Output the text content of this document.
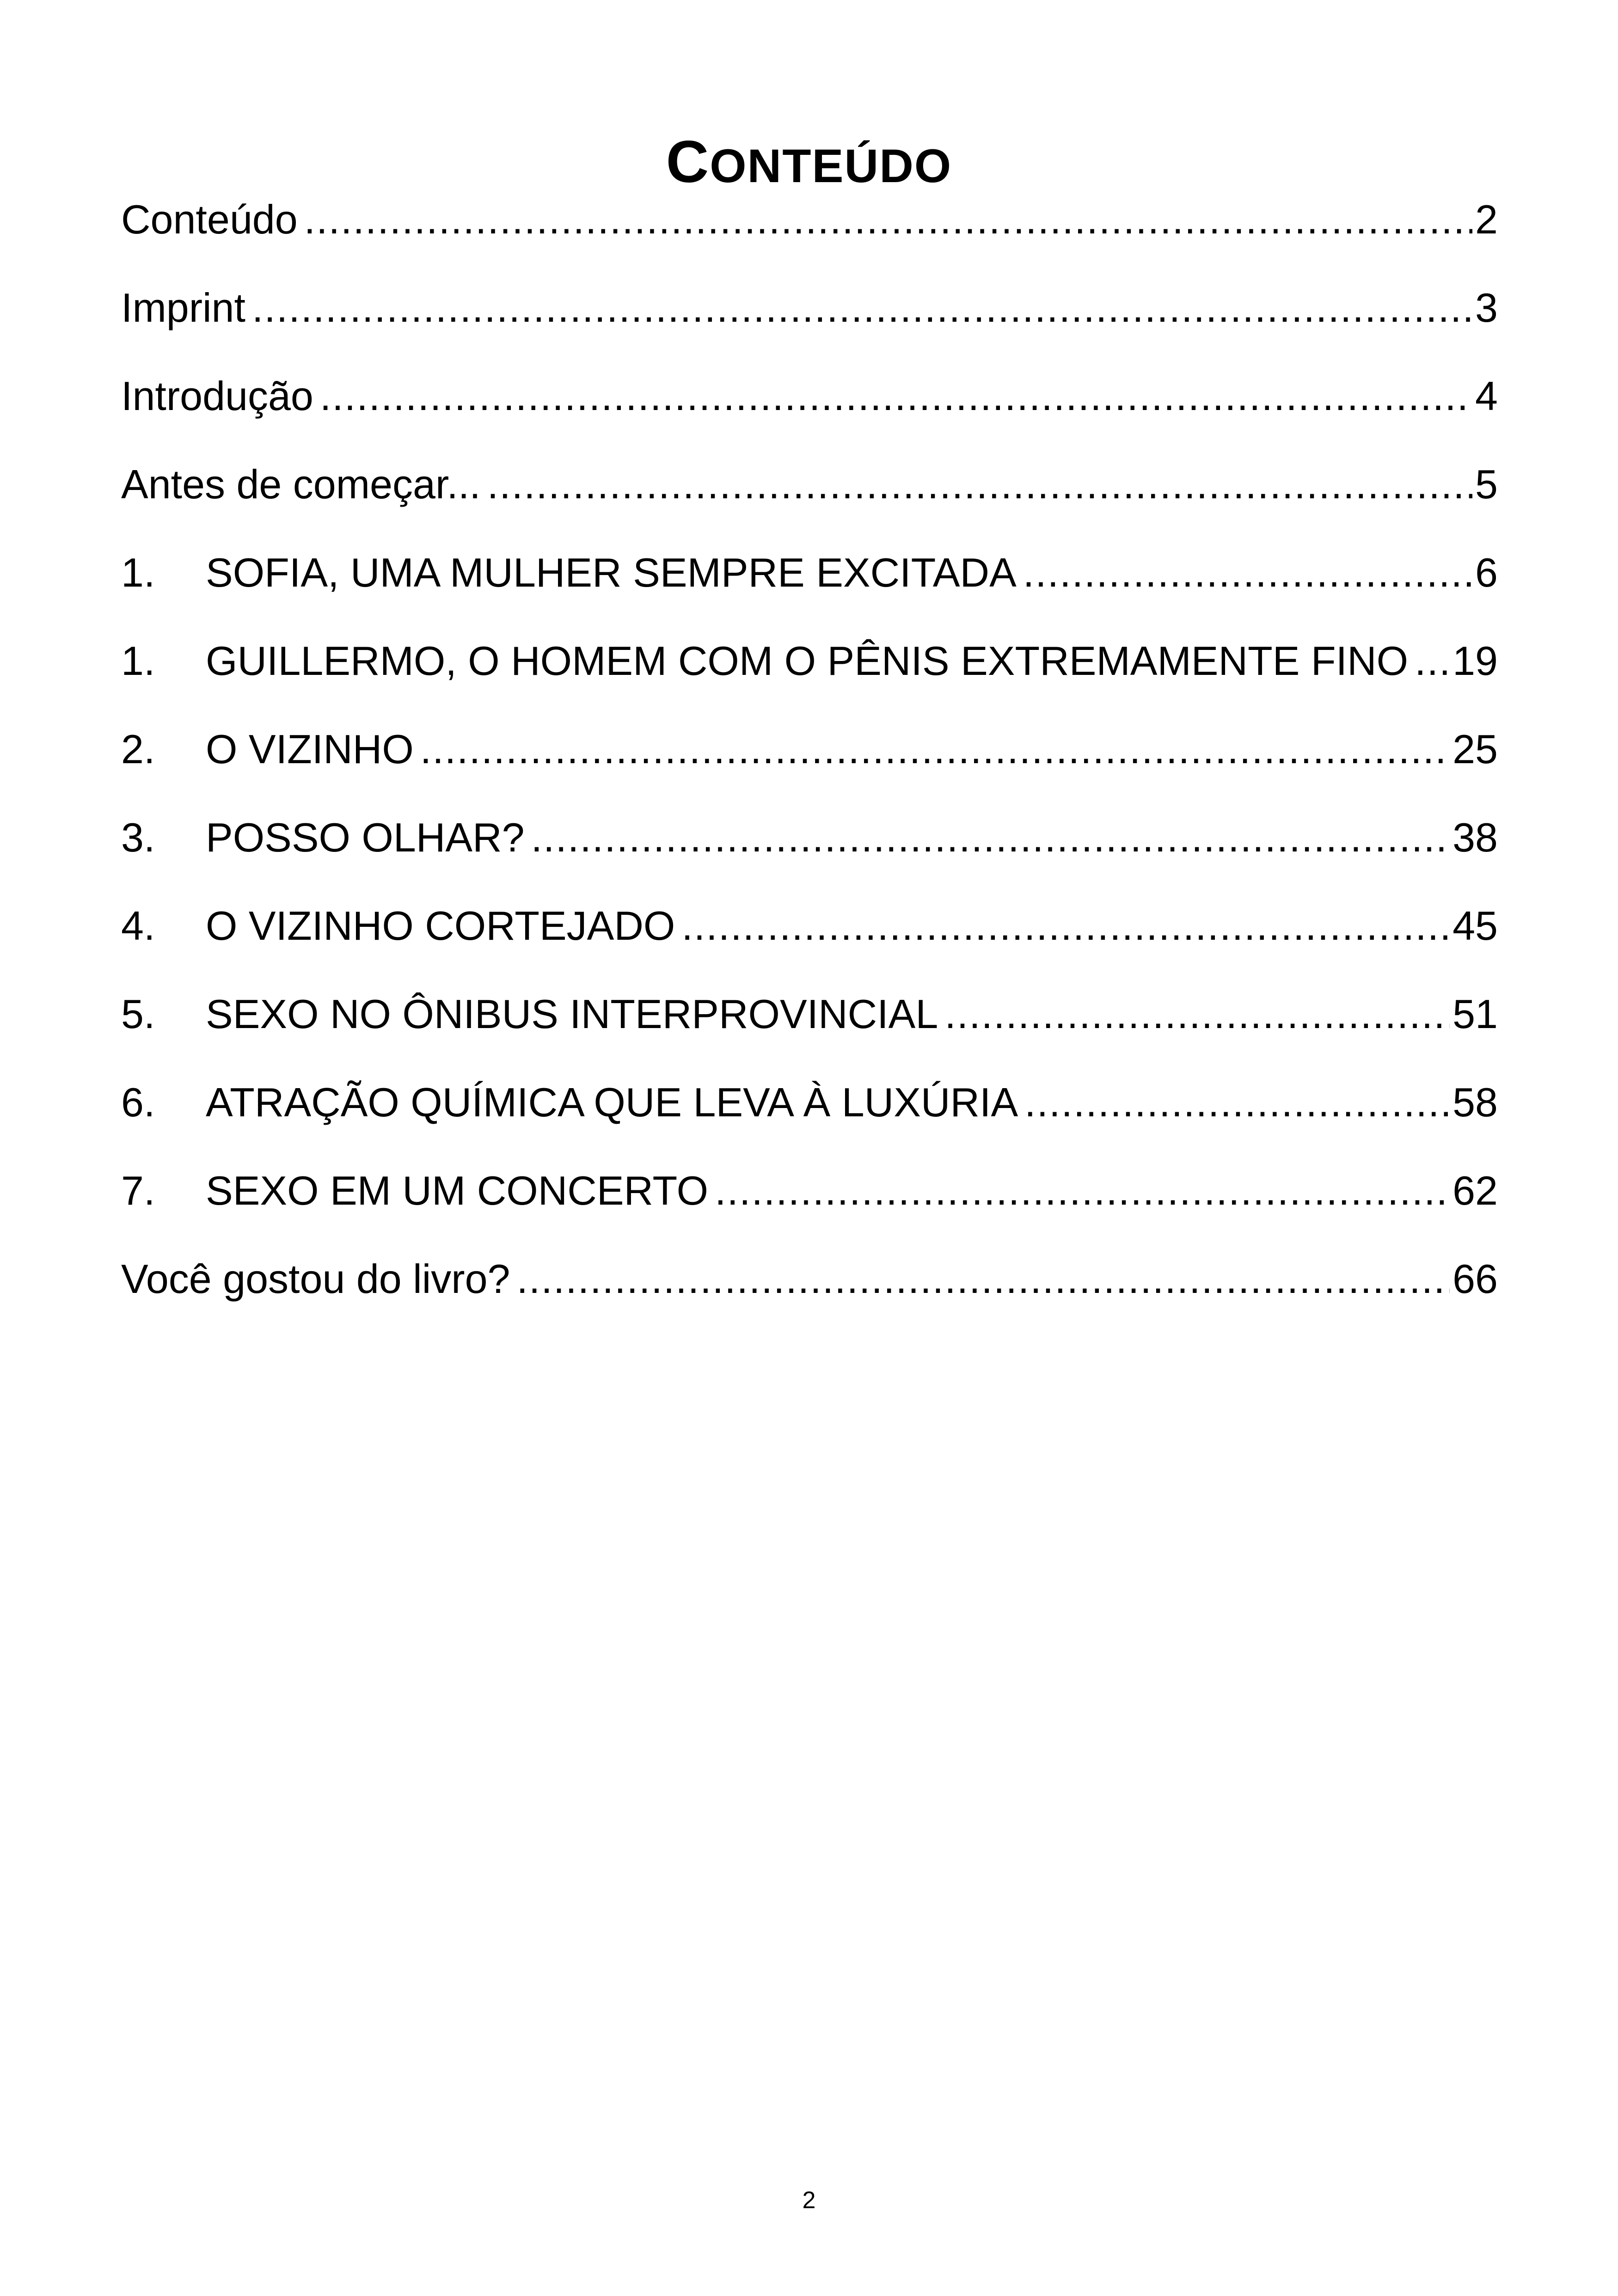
CONTEÚDO
Conteúdo .....	2
Imprint .....	3
Introdução .....	4
Antes de começar... .....	5
1.	SOFIA, UMA MULHER SEMPRE EXCITADA .....	6
1.	GUILLERMO, O HOMEM COM O PÊNIS EXTREMAMENTE FINO ..... 19
2.	O VIZINHO .....	25
3.	POSSO OLHAR? .....	38
4.	O VIZINHO CORTEJADO .....	45
5.	SEXO NO ÔNIBUS INTERPROVINCIAL .....	51
6.	ATRAÇÃO QUÍMICA QUE LEVA À LUXÚRIA .....	58
7.	SEXO EM UM CONCERTO .....	62
Você gostou do livro? .....	66
2
